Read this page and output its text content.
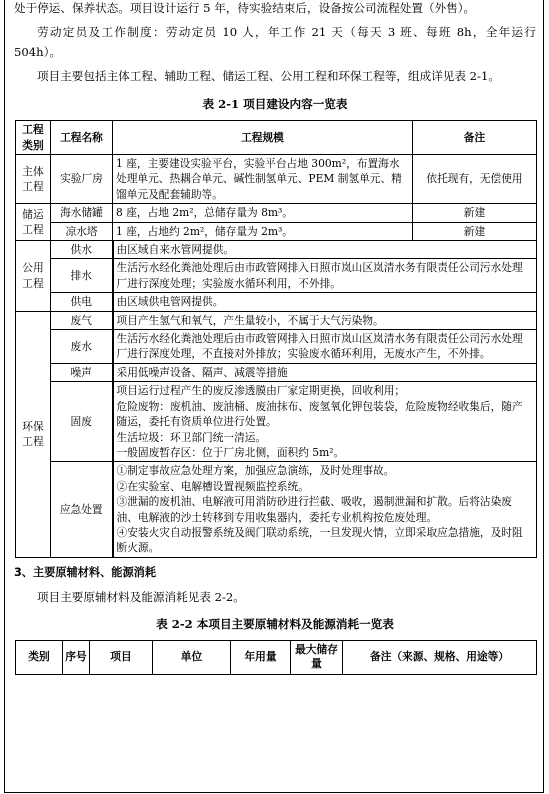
处于停运、保养状态。项目设计运行 5 年，待实验结束后，设备按公司流程处置（外售）。

劳动定员及工作制度：劳动定员 10 人，年工作 21 天（每天 3 班、每班 8h，全年运行 504h）。

项目主要包括主体工程、辅助工程、储运工程、公用工程和环保工程等，组成详见表 2-1。

表 2-1 项目建设内容一览表
工程类别	工程名称	工程规模	备注
主体工程	实验厂房	1 座，主要建设实验平台，实验平台占地 300m²，布置海水处理单元、热耦合单元、碱性制氢单元、PEM 制氢单元、精馏单元及配套辅助等。	依托现有，无偿使用
储运工程	海水储罐	8 座，占地 2m²，总储存量为 8m³。	新建
	凉水塔	1 座，占地约 2m²，储存量为 2m³。	新建
公用工程	供水	由区域自来水管网提供。	
	排水	生活污水经化粪池处理后由市政管网排入日照市岚山区岚清水务有限责任公司污水处理厂进行深度处理；实验废水循环利用，不外排。	
	供电	由区域供电管网提供。	
环保工程	废气	项目产生氢气和氧气，产生量较小，不属于大气污染物。	
	废水	生活污水经化粪池处理后由市政管网排入日照市岚山区岚清水务有限责任公司污水处理厂进行深度处理，不直接对外排放；实验废水循环利用，无废水产生，不外排。	
	噪声	采用低噪声设备、隔声、减震等措施	
	固废	项目运行过程产生的废反渗透膜由厂家定期更换，回收利用；
危险废物：废机油、废油桶、废油抹布、废氢氧化钾包装袋，危险废物经收集后，随产随运，委托有资质单位进行处置。
生活垃圾：环卫部门统一清运。
一般固废暂存区：位于厂房北侧，面积约 5m²。	

	应急处置	①制定事故应急处理方案，加强应急演练，及时处理事故。
②在实验室、电解槽设置视频监控系统。
③泄漏的废机油、电解液可用消防砂进行拦截、吸收，遏制泄漏和扩散。后将沾染废油、电解液的沙土转移到专用收集器内，委托专业机构按危废处理。
④安装火灾自动报警系统及阀门联动系统，一旦发现火情，立即采取应急措施，及时阻断火源。	
3、主要原辅材料、能源消耗

项目主要原辅材料及能源消耗见表 2-2。

表 2-2 本项目主要原辅材料及能源消耗一览表
类别	序号	项目	单位	年用量	最大储存量	备注（来源、规格、用途等）
